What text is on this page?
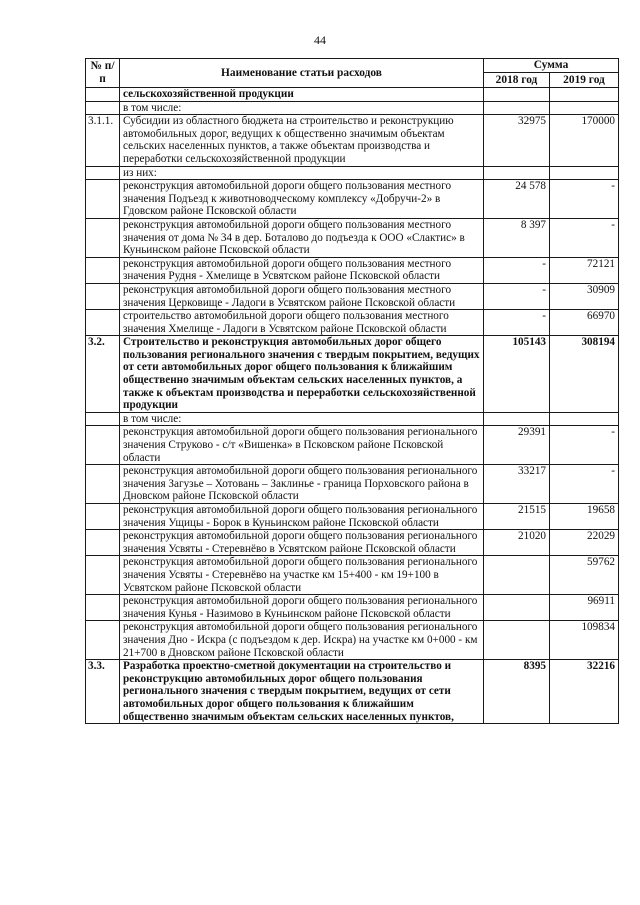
44
№ п/п	Наименование статьи расходов	Сумма	
		2018 год	2019 год
	сельскохозяйственной продукции		
	в том числе:		
3.1.1.	Субсидии из областного бюджета на строительство и реконструкцию автомобильных дорог, ведущих к общественно значимым объектам сельских населенных пунктов, а также объектам производства и переработки сельскохозяйственной продукции	32975	170000
	из них:		
	реконструкция автомобильной дороги общего пользования местного значения Подъезд к животноводческому комплексу «Добручи-2» в Гдовском районе Псковской области	24 578	-
	реконструкция автомобильной дороги общего пользования местного значения от дома № 34 в дер. Боталово до подъезда к ООО «Слактис» в Куньинском районе Псковской области	8 397	-
	реконструкция автомобильной дороги общего пользования местного значения Рудня - Хмелище в Усвятском районе Псковской области	-	72121
	реконструкция автомобильной дороги общего пользования местного значения Церковище - Ладоги в Усвятском районе Псковской области	-	30909
	строительство автомобильной дороги общего пользования местного значения Хмелище - Ладоги в Усвятском районе Псковской области	-	66970
3.2.	Строительство и реконструкция автомобильных дорог общего пользования регионального значения с твердым покрытием, ведущих от сети автомобильных дорог общего пользования к ближайшим общественно значимым объектам сельских населенных пунктов, а также к объектам производства и переработки сельскохозяйственной продукции	105143	308194
	в том числе:		
	реконструкция автомобильной дороги общего пользования регионального значения Струково - с/т «Вишенка» в Псковском районе Псковской области	29391	-
	реконструкция автомобильной дороги общего пользования регионального значения Загузье – Хотовань – Заклинье - граница Порховского района в Дновском районе Псковской области	33217	-
	реконструкция автомобильной дороги общего пользования регионального значения Ущицы - Борок в Куньинском районе Псковской области	21515	19658
	реконструкция автомобильной дороги общего пользования регионального значения Усвяты - Стеревнёво в Усвятском районе Псковской области	21020	22029
	реконструкция автомобильной дороги общего пользования регионального значения Усвяты - Стеревнёво на участке км 15+400 - км 19+100 в Усвятском районе Псковской области		59762
	реконструкция автомобильной дороги общего пользования регионального значения Кунья - Назимово в Куньинском районе Псковской области		96911
	реконструкция автомобильной дороги общего пользования регионального значения Дно - Искра (с подъездом к дер. Искра) на участке км 0+000 - км 21+700 в Дновском районе Псковской области		109834
3.3.	Разработка проектно-сметной документации на строительство и реконструкцию автомобильных дорог общего пользования регионального значения с твердым покрытием, ведущих от сети автомобильных дорог общего пользования к ближайшим общественно значимым объектам сельских населенных пунктов,	8395	32216
